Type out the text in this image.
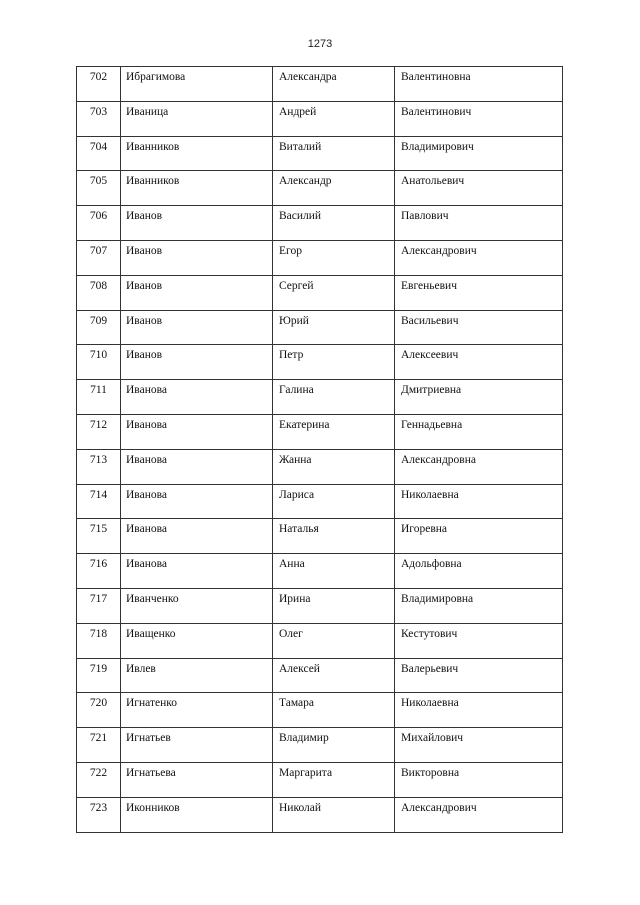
1273
702	Ибрагимова	Александра	Валентиновна

703	Иваница	Андрей	Валентинович

704	Иванников	Виталий	Владимирович

705	Иванников	Александр	Анатольевич

706	Иванов	Василий	Павлович

707	Иванов	Егор	Александрович

708	Иванов	Сергей	Евгеньевич

709	Иванов	Юрий	Васильевич

710	Иванов	Петр	Алексеевич

711	Иванова	Галина	Дмитриевна

712	Иванова	Екатерина	Геннадьевна

713	Иванова	Жанна	Александровна

714	Иванова	Лариса	Николаевна

715	Иванова	Наталья	Игоревна

716	Иванова	Анна	Адольфовна

717	Иванченко	Ирина	Владимировна

718	Иващенко	Олег	Кестутович

719	Ивлев	Алексей	Валерьевич

720	Игнатенко	Тамара	Николаевна

721	Игнатьев	Владимир	Михайлович

722	Игнатьева	Маргарита	Викторовна

723	Иконников	Николай	Александрович
